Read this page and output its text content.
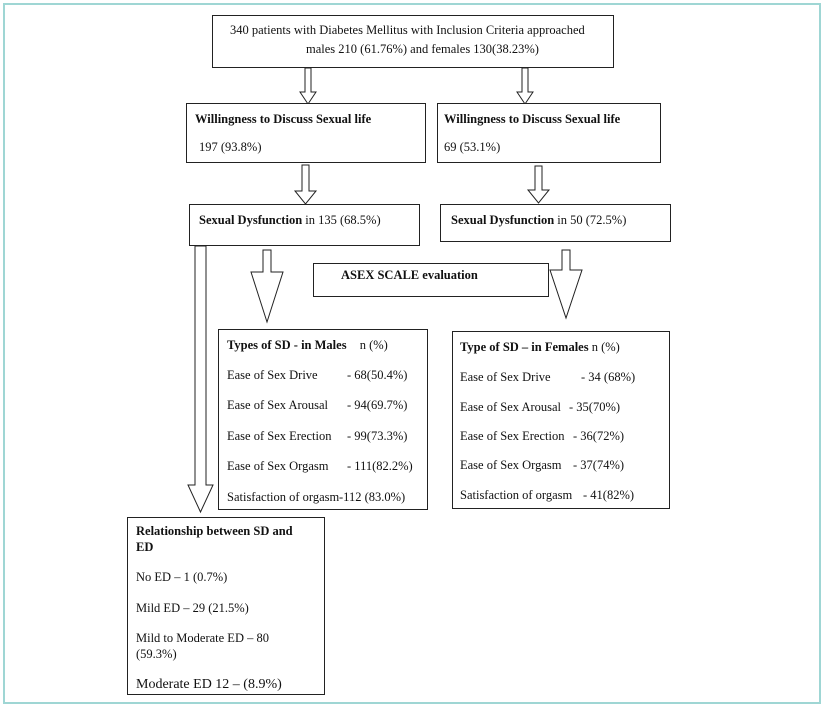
340 patients with Diabetes Mellitus with Inclusion Criteria approached
males 210 (61.76%) and females 130(38.23%)
Willingness to Discuss Sexual life
197 (93.8%)
Willingness to Discuss Sexual life
69 (53.1%)
Sexual Dysfunction in 135 (68.5%)	Sexual Dysfunction in 50 (72.5%)
ASEX SCALE evaluation
Types of SD - in Males n (%)
Ease of Sex Drive - 68(50.4%)
Ease of Sex Arousal - 94(69.7%)
Ease of Sex Erection - 99(73.3%)
Ease of Sex Orgasm - 111(82.2%)
Satisfaction of orgasm -112 (83.0%)
Type of SD – in Females n (%)
Ease of Sex Drive - 34 (68%)
Ease of Sex Arousal - 35(70%)
Ease of Sex Erection - 36(72%)
Ease of Sex Orgasm - 37(74%)
Satisfaction of orgasm - 41(82%)
Relationship between SD and
ED
No ED – 1 (0.7%)
Mild ED – 29 (21.5%)
Mild to Moderate ED – 80
(59.3%)
Moderate ED 12 – (8.9%)
